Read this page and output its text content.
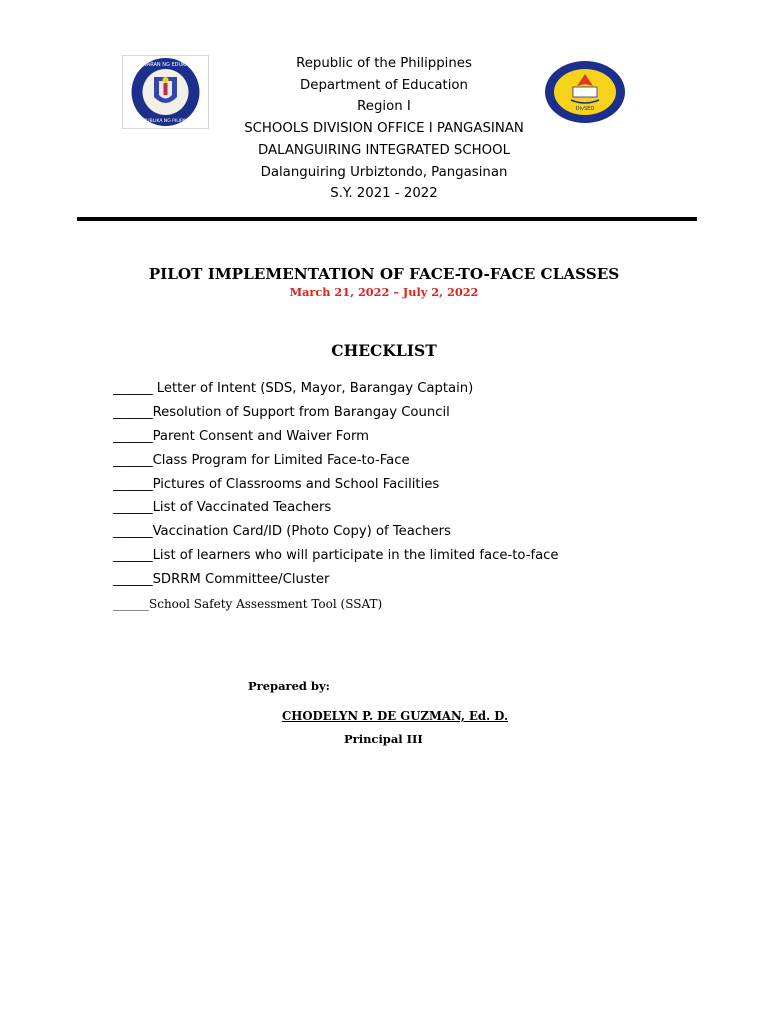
KAGAWARAN NG EDUKASYON
REPUBLIKA NG PILIPINAS
DivSED
Republic of the Philippines
Department of Education
Region I
SCHOOLS DIVISION OFFICE I PANGASINAN
DALANGUIRING INTEGRATED SCHOOL
Dalanguiring Urbiztondo, Pangasinan
S.Y. 2021 - 2022
PILOT IMPLEMENTATION OF FACE-TO-FACE CLASSES
March 21, 2022 – July 2, 2022
CHECKLIST
______ Letter of Intent (SDS, Mayor, Barangay Captain)
______Resolution of Support from Barangay Council
______Parent Consent and Waiver Form
______Class Program for Limited Face-to-Face
______Pictures of Classrooms and School Facilities
______List of Vaccinated Teachers
______Vaccination Card/ID (Photo Copy) of Teachers
______List of learners who will participate in the limited face-to-face
______SDRRM Committee/Cluster
______School Safety Assessment Tool (SSAT)
Prepared by:
CHODELYN P. DE GUZMAN, Ed. D.
Principal III
